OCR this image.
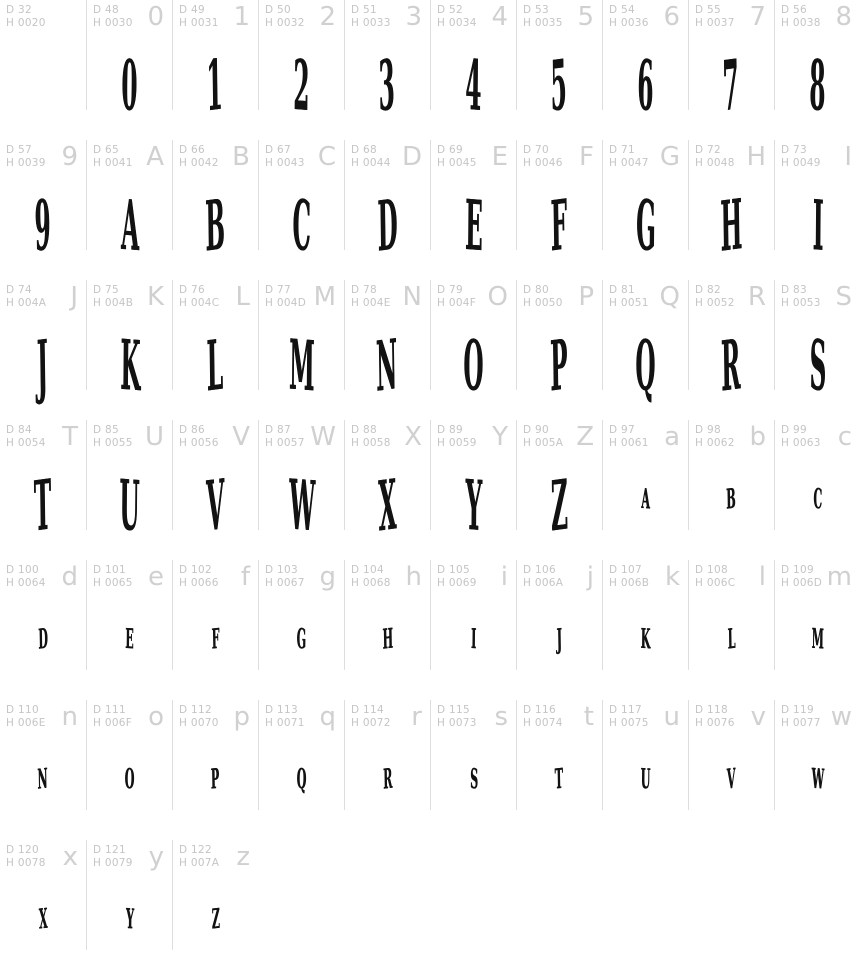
D 32
H 0020
D 48
H 0030 0
0
D 49
H 0031 1
1
D 50
H 0032 2
2
D 51
H 0033 3
3
D 52
H 0034 4
4
D 53
H 0035 5
5
D 54
H 0036 6
6
D 55
H 0037 7
7
D 56
H 0038 8
8
D 57
H 0039 9
9
D 65
H 0041 A
A
D 66
H 0042 B
B
D 67
H 0043 C
C
D 68
H 0044 D
D
D 69
H 0045 E
E
D 70
H 0046 F
F
D 71
H 0047 G
G
D 72
H 0048 H
H
D 73
H 0049 I
I
D 74
H 004A J
J
D 75
H 004B K
K
D 76
H 004C L
L
D 77
H 004D M
M
D 78
H 004E N
N
D 79
H 004F O
O
D 80
H 0050 P
P
D 81
H 0051 Q
Q
D 82
H 0052 R
R
D 83
H 0053 S
S
D 84
H 0054 T
T
D 85
H 0055 U
U
D 86
H 0056 V
V
D 87
H 0057 W
W
D 88
H 0058 X
X
D 89
H 0059 Y
Y
D 90
H 005A Z
Z
D 97
H 0061 a
A
D 98
H 0062 b
B
D 99
H 0063 c
C
D 100
H 0064 d
D
D 101
H 0065 e
E
D 102
H 0066 f
F
D 103
H 0067 g
G
D 104
H 0068 h
H
D 105
H 0069 i
I
D 106
H 006A j
J
D 107
H 006B k
K
D 108
H 006C l
L
D 109
H 006D m
M
D 110
H 006E n
N
D 111
H 006F o
O
D 112
H 0070 p
P
D 113
H 0071 q
Q
D 114
H 0072 r
R
D 115
H 0073 s
S
D 116
H 0074 t
T
D 117
H 0075 u
U
D 118
H 0076 v
V
D 119
H 0077 w
W
D 120
H 0078 x
X
D 121
H 0079 y
Y
D 122
H 007A z
Z
